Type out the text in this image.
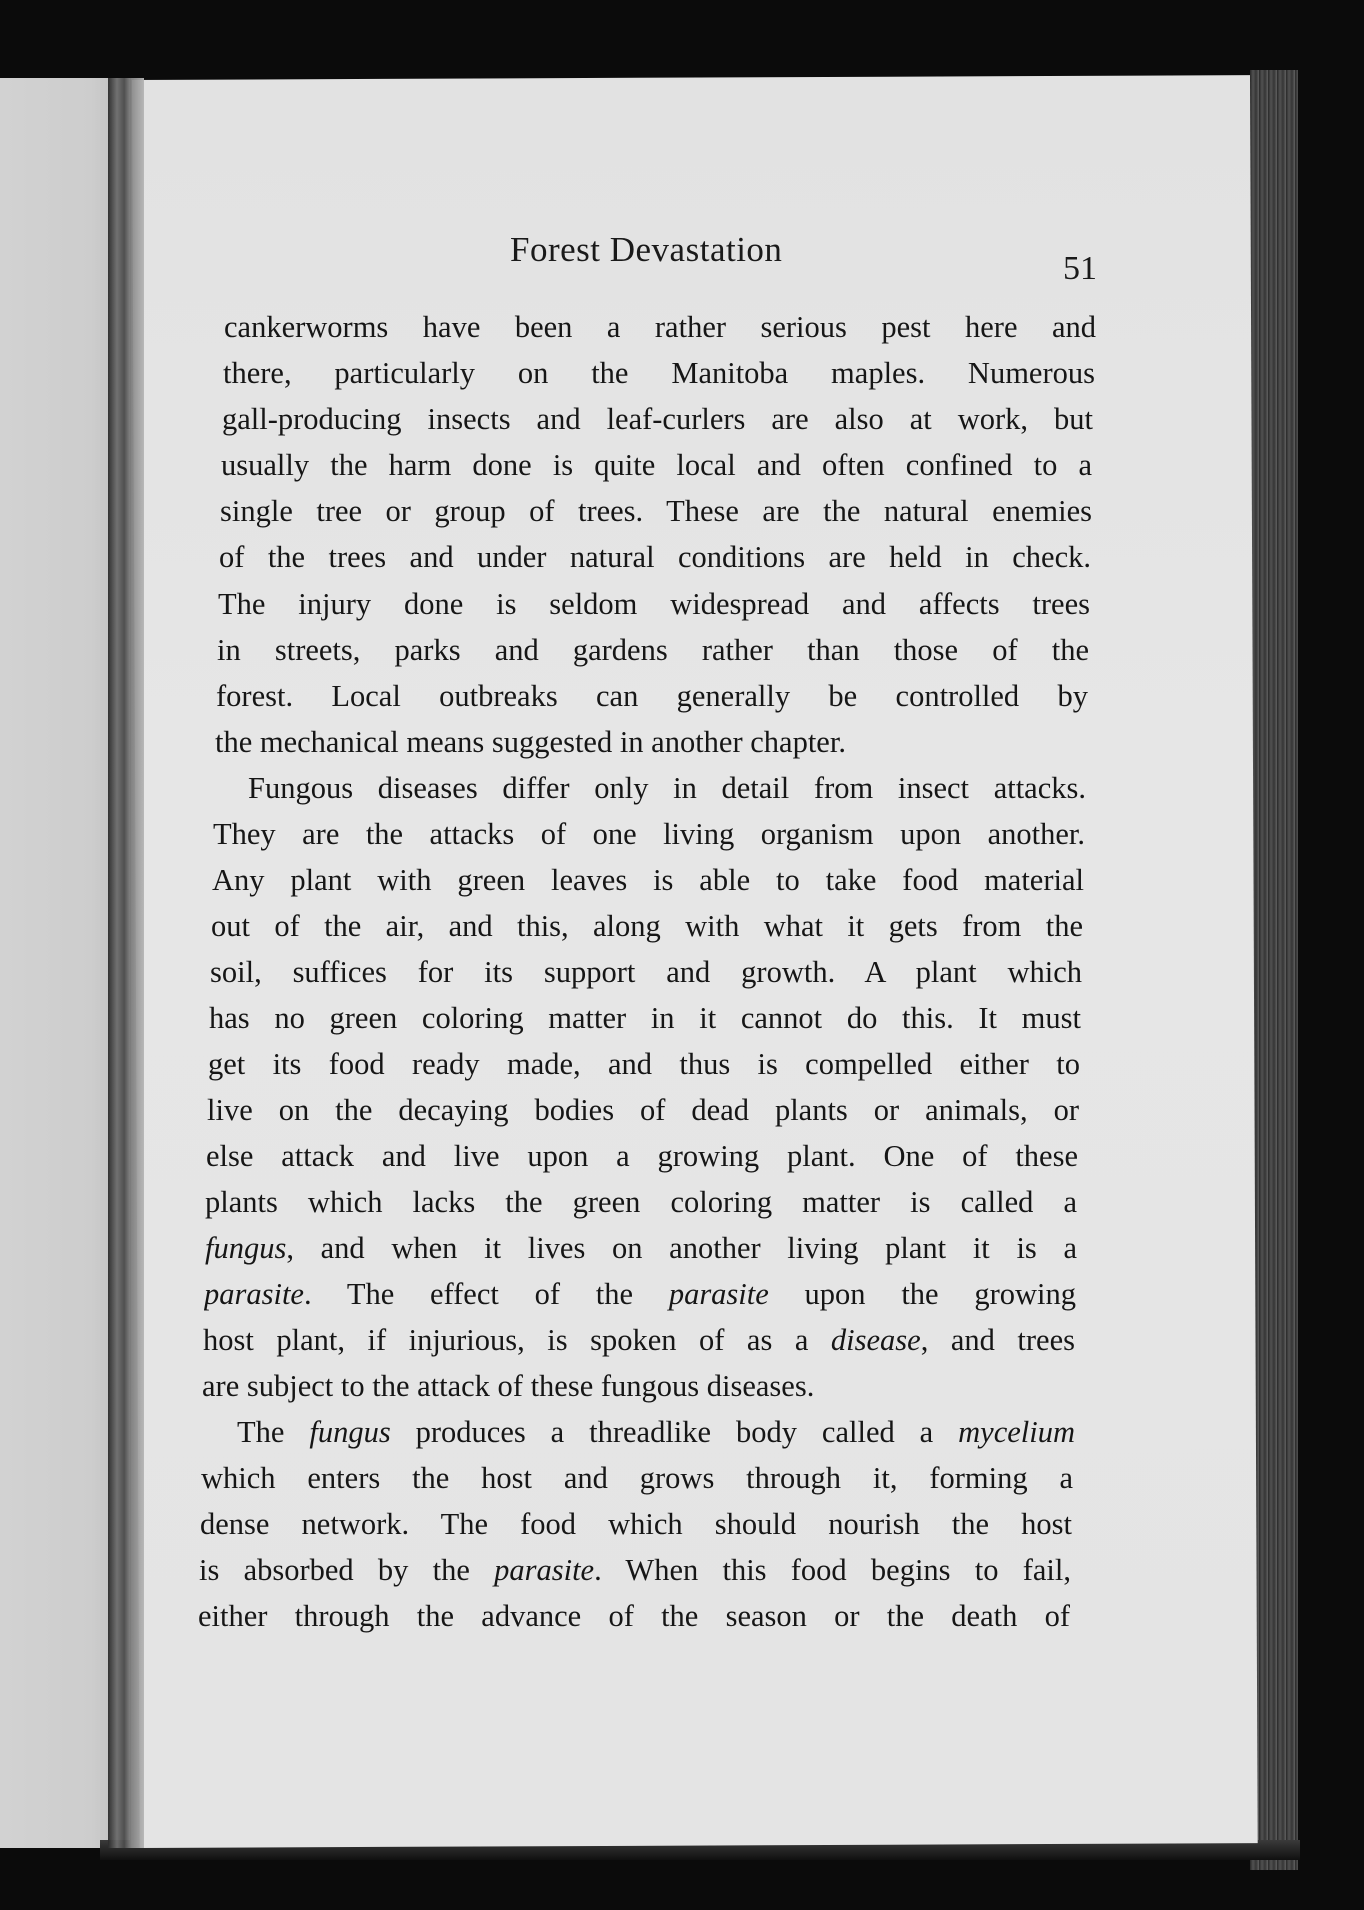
Forest Devastation	51
cankerworms have been a rather serious pest here and
there, particularly on the Manitoba maples. Numerous
gall-producing insects and leaf-curlers are also at work, but
usually the harm done is quite local and often confined to a
single tree or group of trees. These are the natural enemies
of the trees and under natural conditions are held in check.
The injury done is seldom widespread and affects trees
in streets, parks and gardens rather than those of the
forest. Local outbreaks can generally be controlled by
the mechanical means suggested in another chapter.
Fungous diseases differ only in detail from insect attacks.
They are the attacks of one living organism upon another.
Any plant with green leaves is able to take food material
out of the air, and this, along with what it gets from the
soil, suffices for its support and growth. A plant which
has no green coloring matter in it cannot do this. It must
get its food ready made, and thus is compelled either to
live on the decaying bodies of dead plants or animals, or
else attack and live upon a growing plant. One of these
plants which lacks the green coloring matter is called a
fungus, and when it lives on another living plant it is a
parasite. The effect of the parasite upon the growing
host plant, if injurious, is spoken of as a disease, and trees
are subject to the attack of these fungous diseases.
The fungus produces a threadlike body called a mycelium
which enters the host and grows through it, forming a
dense network. The food which should nourish the host
is absorbed by the parasite. When this food begins to fail,
either through the advance of the season or the death of
